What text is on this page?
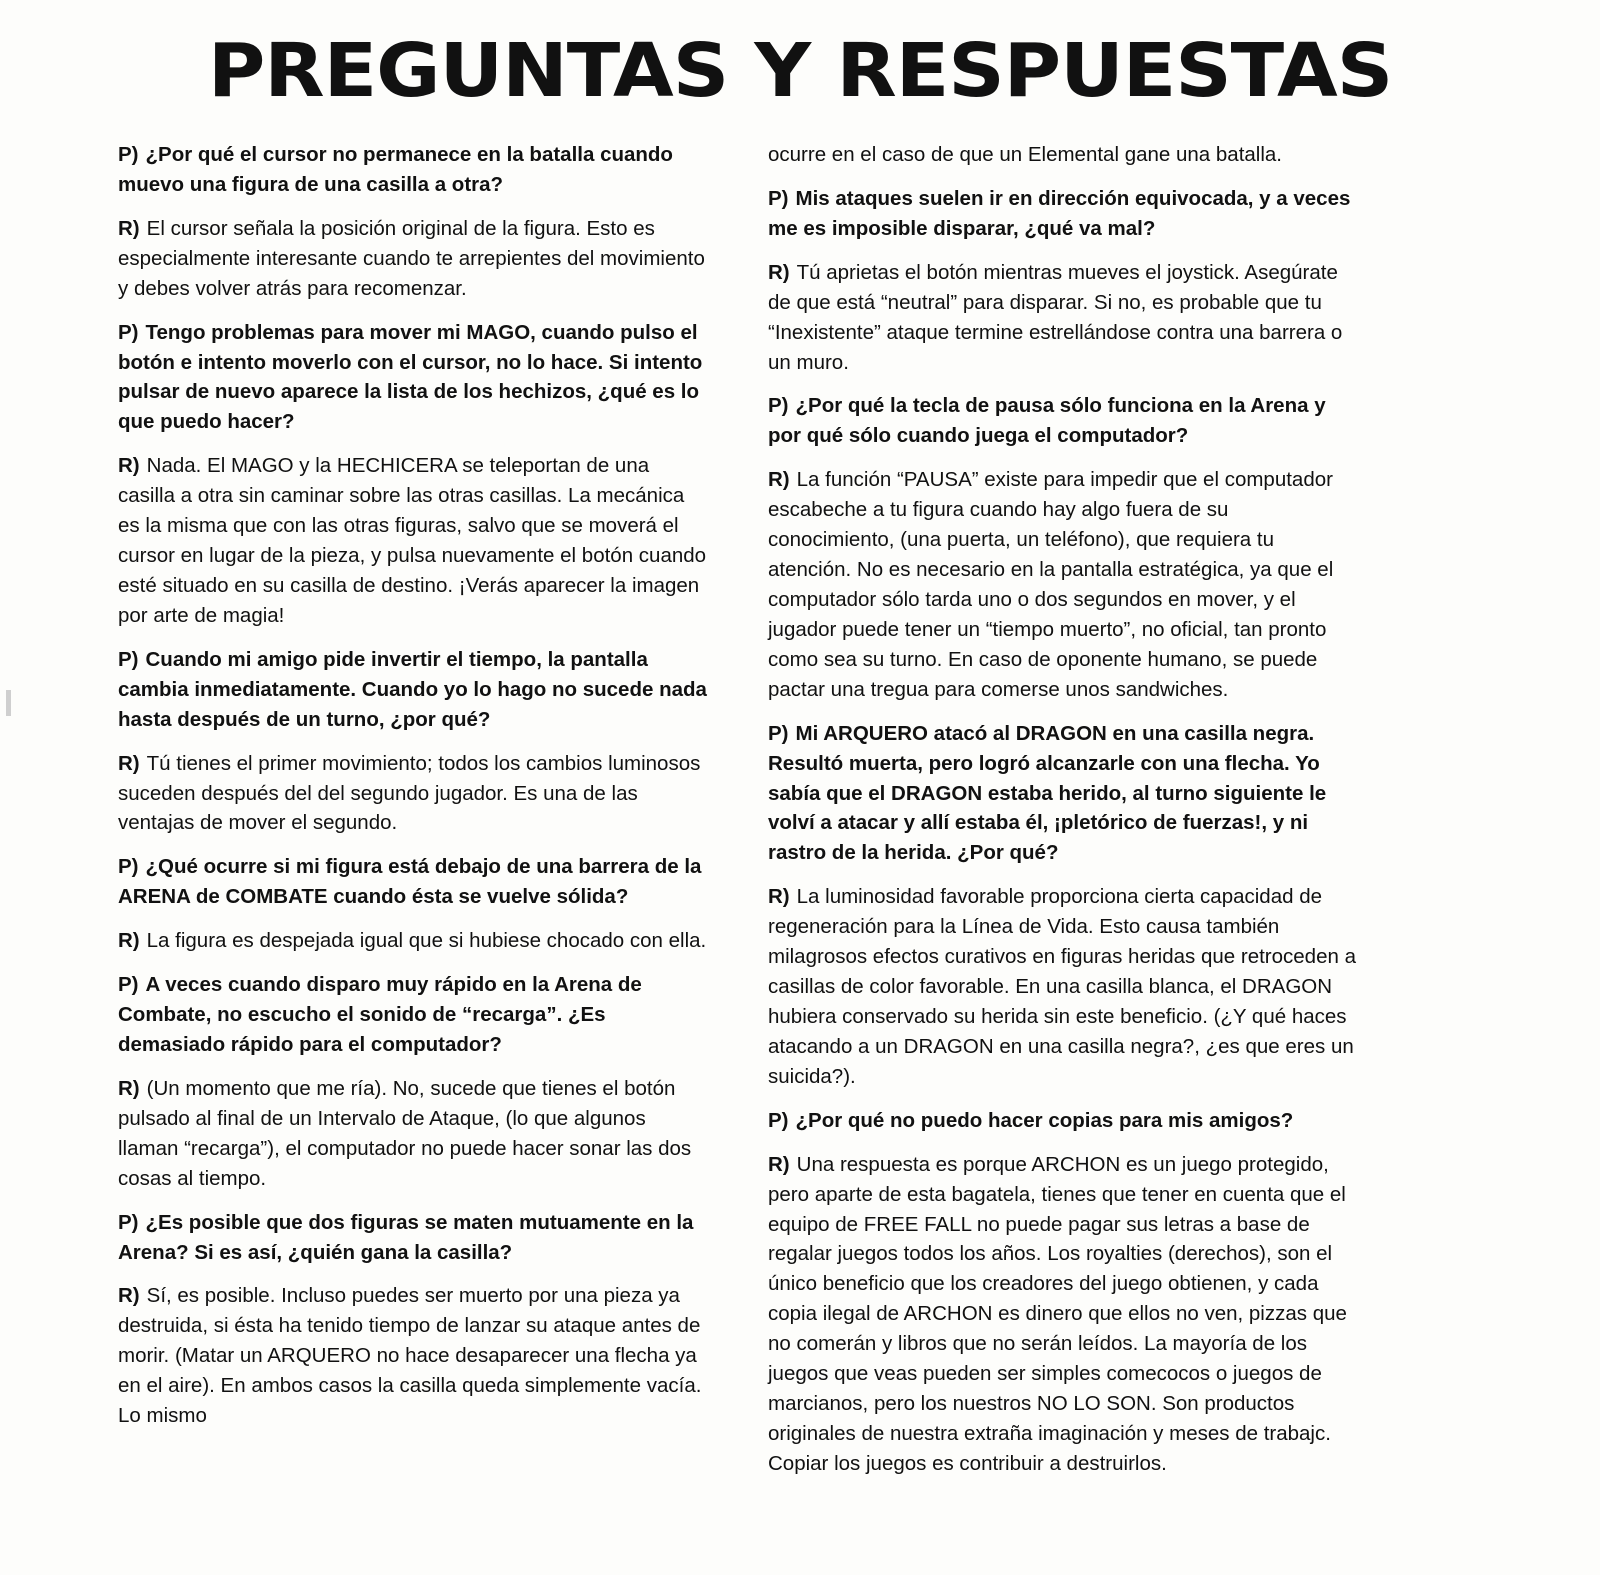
PREGUNTAS Y RESPUESTAS

P) ¿Por qué el cursor no permanece en la batalla cuando muevo una figura de una casilla a otra?

R) El cursor señala la posición original de la figura. Esto es especialmente interesante cuando te arrepientes del movimiento y debes volver atrás para recomenzar.

P) Tengo problemas para mover mi MAGO, cuando pulso el botón e intento moverlo con el cursor, no lo hace. Si intento pulsar de nuevo aparece la lista de los hechizos, ¿qué es lo que puedo hacer?

R) Nada. El MAGO y la HECHICERA se teleportan de una casilla a otra sin caminar sobre las otras casillas. La mecánica es la misma que con las otras figuras, salvo que se moverá el cursor en lugar de la pieza, y pulsa nuevamente el botón cuando esté situado en su casilla de destino. ¡Verás aparecer la imagen por arte de magia!

P) Cuando mi amigo pide invertir el tiempo, la pantalla cambia inmediatamente. Cuando yo lo hago no sucede nada hasta después de un turno, ¿por qué?

R) Tú tienes el primer movimiento; todos los cambios luminosos suceden después del del segundo jugador. Es una de las ventajas de mover el segundo.

P) ¿Qué ocurre si mi figura está debajo de una barrera de la ARENA de COMBATE cuando ésta se vuelve sólida?

R) La figura es despejada igual que si hubiese chocado con ella.

P) A veces cuando disparo muy rápido en la Arena de Combate, no escucho el sonido de “recarga”. ¿Es demasiado rápido para el computador?

R) (Un momento que me ría). No, sucede que tienes el botón pulsado al final de un Intervalo de Ataque, (lo que algunos llaman “recarga”), el computador no puede hacer sonar las dos cosas al tiempo.

P) ¿Es posible que dos figuras se maten mutuamente en la Arena? Si es así, ¿quién gana la casilla?

R) Sí, es posible. Incluso puedes ser muerto por una pieza ya destruida, si ésta ha tenido tiempo de lanzar su ataque antes de morir. (Matar un ARQUERO no hace desaparecer una flecha ya en el aire). En ambos casos la casilla queda simplemente vacía. Lo mismo

ocurre en el caso de que un Elemental gane una batalla.

P) Mis ataques suelen ir en dirección equivocada, y a veces me es imposible disparar, ¿qué va mal?

R) Tú aprietas el botón mientras mueves el joystick. Asegúrate de que está “neutral” para disparar. Si no, es probable que tu “Inexistente” ataque termine estrellándose contra una barrera o un muro.

P) ¿Por qué la tecla de pausa sólo funciona en la Arena y por qué sólo cuando juega el computador?

R) La función “PAUSA” existe para impedir que el computador escabeche a tu figura cuando hay algo fuera de su conocimiento, (una puerta, un teléfono), que requiera tu atención. No es necesario en la pantalla estratégica, ya que el computador sólo tarda uno o dos segundos en mover, y el jugador puede tener un “tiempo muerto”, no oficial, tan pronto como sea su turno. En caso de oponente humano, se puede pactar una tregua para comerse unos sandwiches.

P) Mi ARQUERO atacó al DRAGON en una casilla negra. Resultó muerta, pero logró alcanzarle con una flecha. Yo sabía que el DRAGON estaba herido, al turno siguiente le volví a atacar y allí estaba él, ¡pletórico de fuerzas!, y ni rastro de la herida. ¿Por qué?

R) La luminosidad favorable proporciona cierta capacidad de regeneración para la Línea de Vida. Esto causa también milagrosos efectos curativos en figuras heridas que retroceden a casillas de color favorable. En una casilla blanca, el DRAGON hubiera conservado su herida sin este beneficio. (¿Y qué haces atacando a un DRAGON en una casilla negra?, ¿es que eres un suicida?).

P) ¿Por qué no puedo hacer copias para mis amigos?

R) Una respuesta es porque ARCHON es un juego protegido, pero aparte de esta bagatela, tienes que tener en cuenta que el equipo de FREE FALL no puede pagar sus letras a base de regalar juegos todos los años. Los royalties (derechos), son el único beneficio que los creadores del juego obtienen, y cada copia ilegal de ARCHON es dinero que ellos no ven, pizzas que no comerán y libros que no serán leídos. La mayoría de los juegos que veas pueden ser simples comecocos o juegos de marcianos, pero los nuestros NO LO SON. Son productos originales de nuestra extraña imaginación y meses de trabajc. Copiar los juegos es contribuir a destruirlos.
